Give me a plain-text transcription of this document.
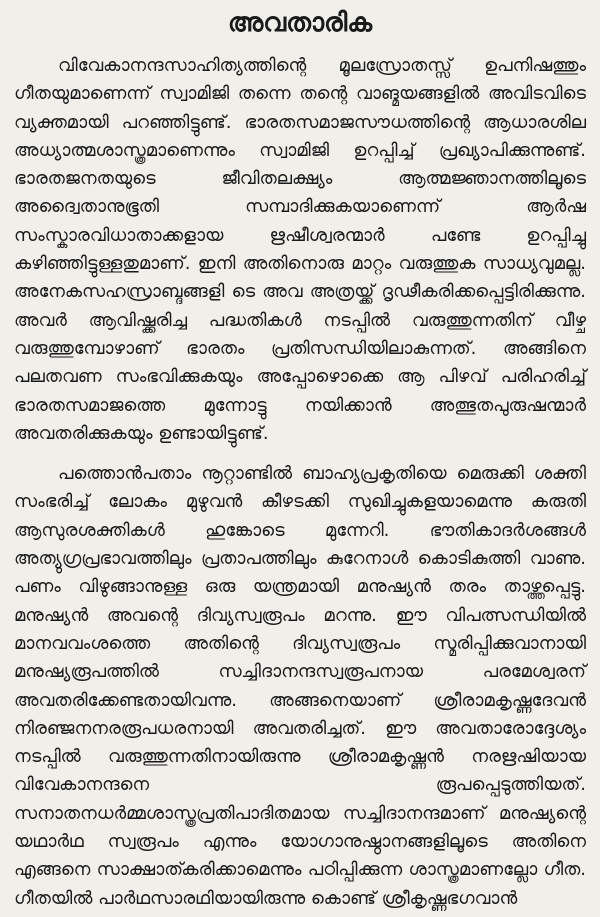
അവതാരിക

വിവേകാനന്ദസാഹിത്യത്തിന്റെ മൂലസ്രോതസ്സ് ഉപനിഷത്തും ഗീതയുമാണെന്ന് സ്വാമിജി തന്നെ തന്റെ വാങ്മയങ്ങളിൽ അവിടവിടെ വ്യക്തമായി പറഞ്ഞിട്ടുണ്ട്. ഭാരതസമാജസൗധത്തിന്റെ ആധാരശില അധ്യാത്മശാസ്ത്രമാണെന്നും സ്വാമിജി ഉറപ്പിച്ച് പ്രഖ്യാപിക്കുന്നുണ്ട്. ഭാരതജനതയുടെ ജീവിതലക്ഷ്യം ആത്മജ്ഞാനത്തിലൂടെ അദ്വൈതാനുഭൂതി സമ്പാദിക്കുകയാണെന്ന് ആർഷ സംസ്കാരവിധാതാക്കളായ ഋഷീശ്വരന്മാർ പണ്ടേ ഉറപ്പിച്ചു കഴിഞ്ഞിട്ടുള്ളതുമാണ്. ഇനി അതിനൊരു മാറ്റം വരുത്തുക സാധ്യവുമല്ല. അനേകസഹസ്രാബ്ദങ്ങളി ടെ അവ അത്രയ്ക്ക് ദൃഢീകരിക്കപ്പെട്ടിരിക്കുന്നു. അവർ ആവിഷ്ക്കരിച്ച പദ്ധതികൾ നടപ്പിൽ വരുത്തുന്നതിന് വീഴ്ച വരുത്തുമ്പോഴാണ് ഭാരതം പ്രതിസന്ധിയിലാകുന്നത്. അങ്ങിനെ പലതവണ സംഭവിക്കുകയും അപ്പോഴൊക്കെ ആ പിഴവ് പരിഹരിച്ച് ഭാരതസമാജത്തെ മുന്നോട്ടു നയിക്കാൻ അത്ഭുതപുരുഷന്മാർ അവതരിക്കുകയും ഉണ്ടായിട്ടുണ്ട്.

പത്തൊൻപതാം നൂറ്റാണ്ടിൽ ബാഹ്യപ്രകൃതിയെ മെരുക്കി ശക്തി സംഭരിച്ച് ലോകം മുഴുവൻ കീഴടക്കി സുഖിച്ചുകളയാമെന്നു കരുതി ആസുരശക്തികൾ ഹുങ്കോടെ മുന്നേറി. ഭൗതികാദർശങ്ങൾ അത്യുഗ്രപ്രഭാവത്തിലും പ്രതാപത്തിലും കുറേനാൾ കൊടികുത്തി വാണു. പണം വിഴുങ്ങാനുള്ള ഒരു യന്ത്രമായി മനുഷ്യൻ തരം താഴ്ത്തപ്പെട്ടു. മനുഷ്യൻ അവന്റെ ദിവ്യസ്വരൂപം മറന്നു. ഈ വിപത്സന്ധിയിൽ മാനവവംശത്തെ അതിന്റെ ദിവ്യസ്വരൂപം സ്മരിപ്പിക്കുവാനായി മനുഷ്യരൂപത്തിൽ സച്ചിദാനന്ദസ്വരൂപനായ പരമേശ്വരന് അവതരിക്കേണ്ടതായിവന്നു. അങ്ങനെയാണ് ശ്രീരാമകൃഷ്ണദേവൻ നിരഞ്ജനനരരൂപധരനായി അവതരിച്ചത്. ഈ അവതാരോദ്ദേശ്യം നടപ്പിൽ വരുത്തുന്നതിനായിരുന്നു ശ്രീരാമകൃഷ്ണൻ നരഋഷിയായ വിവേകാനന്ദനെ രൂപപ്പെടുത്തിയത്. സനാതനധർമ്മശാസ്ത്രപ്രതിപാദിതമായ സച്ചിദാനന്ദമാണ് മനുഷ്യന്റെ യഥാർഥ സ്വരൂപം എന്നും യോഗാനുഷ്ഠാനങ്ങളിലൂടെ അതിനെ എങ്ങനെ സാക്ഷാത്കരിക്കാമെന്നും പഠിപ്പിക്കുന്ന ശാസ്ത്രമാണല്ലോ ഗീത. ഗീതയിൽ പാർഥസാരഥിയായിരുന്നു കൊണ്ട് ശ്രീകൃഷ്ണഭഗവാൻ
